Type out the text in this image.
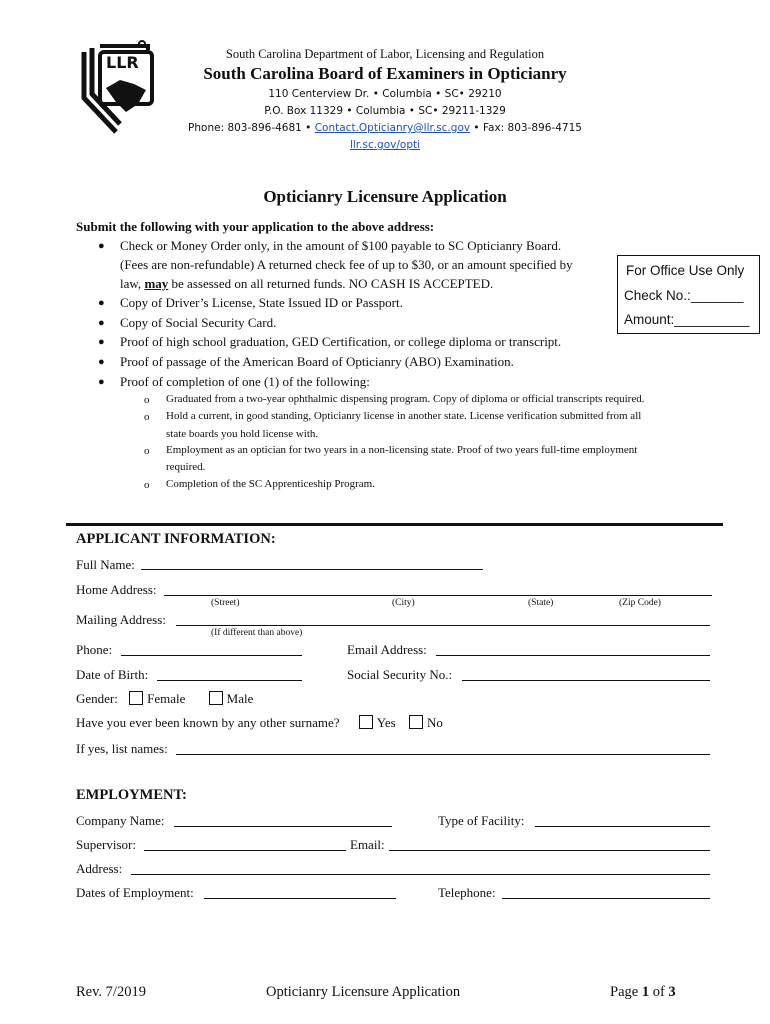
LLR	South Carolina Department of Labor, Licensing and Regulation
South Carolina Board of Examiners in Opticianry
110 Centerview Dr. • Columbia • SC• 29210
P.O. Box 11329 • Columbia • SC• 29211-1329
Phone: 803-896-4681 • Contact.Opticianry@llr.sc.gov • Fax: 803-896-4715
llr.sc.gov/opti
Opticianry Licensure Application
Submit the following with your application to the above address:
● Check or Money Order only, in the amount of $100 payable to SC Opticianry Board.
(Fees are non-refundable) A returned check fee of up to $30, or an amount specified by
law, may be assessed on all returned funds. NO CASH IS ACCEPTED.
● Copy of Driver’s License, State Issued ID or Passport.
● Copy of Social Security Card.
● Proof of high school graduation, GED Certification, or college diploma or transcript.
● Proof of passage of the American Board of Opticianry (ABO) Examination.
● Proof of completion of one (1) of the following:
o Graduated from a two-year ophthalmic dispensing program. Copy of diploma or official transcripts required.
o Hold a current, in good standing, Opticianry license in another state. License verification submitted from all
state boards you hold license with.
o Employment as an optician for two years in a non-licensing state. Proof of two years full-time employment
required.
o Completion of the SC Apprenticeship Program.
For Office Use Only
Check No.:_______
Amount:__________
APPLICANT INFORMATION:
Full Name:
Home Address:
(Street)	(City)	(State)	(Zip Code)
Mailing Address:
(If different than above)
Phone:	Email Address:
Date of Birth:	Social Security No.:
Gender: Female	Male
Have you ever been known by any other surname?	Yes No
If yes, list names:
EMPLOYMENT:
Company Name:	Type of Facility:
Supervisor:	Email:
Address:
Dates of Employment:	Telephone:
Rev. 7/2019	Opticianry Licensure Application	Page 1 of 3
